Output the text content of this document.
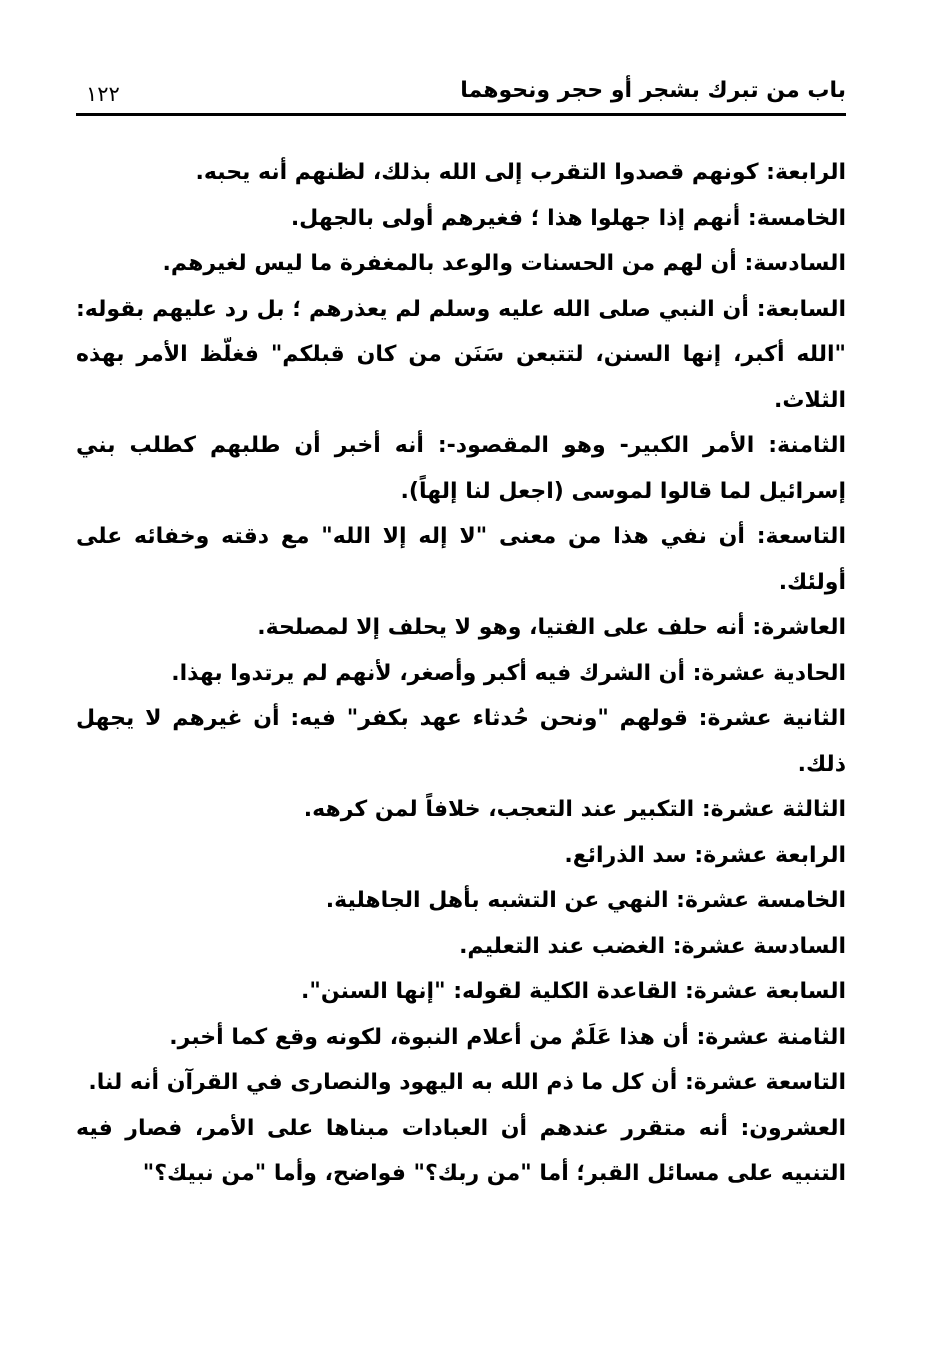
باب من تبرك بشجر أو حجر ونحوهما
١٢٢

الرابعة: كونهم قصدوا التقرب إلى الله بذلك، لظنهم أنه يحبه.

الخامسة: أنهم إذا جهلوا هذا ؛ فغيرهم أولى بالجهل.

السادسة: أن لهم من الحسنات والوعد بالمغفرة ما ليس لغيرهم.

السابعة: أن النبي صلى الله عليه وسلم لم يعذرهم ؛ بل رد عليهم بقوله: "الله أكبر، إنها السنن، لتتبعن سَنَن من كان قبلكم" فغلّظ الأمر بهذه الثلاث.

الثامنة: الأمر الكبير- وهو المقصود-: أنه أخبر أن طلبهم كطلب بني إسرائيل لما قالوا لموسى (اجعل لنا إلهاً).

التاسعة: أن نفي هذا من معنى "لا إله إلا الله" مع دقته وخفائه على أولئك.

العاشرة: أنه حلف على الفتيا، وهو لا يحلف إلا لمصلحة.

الحادية عشرة: أن الشرك فيه أكبر وأصغر، لأنهم لم يرتدوا بهذا.

الثانية عشرة: قولهم "ونحن حُدثاء عهد بكفر" فيه: أن غيرهم لا يجهل ذلك.

الثالثة عشرة: التكبير عند التعجب، خلافاً لمن كرهه.

الرابعة عشرة: سد الذرائع.

الخامسة عشرة: النهي عن التشبه بأهل الجاهلية.

السادسة عشرة: الغضب عند التعليم.

السابعة عشرة: القاعدة الكلية لقوله: "إنها السنن".

الثامنة عشرة: أن هذا عَلَمٌ من أعلام النبوة، لكونه وقع كما أخبر.

التاسعة عشرة: أن كل ما ذم الله به اليهود والنصارى في القرآن أنه لنا.

العشرون: أنه متقرر عندهم أن العبادات مبناها على الأمر، فصار فيه التنبيه على مسائل القبر؛ أما "من ربك؟" فواضح، وأما "من نبيك؟"
